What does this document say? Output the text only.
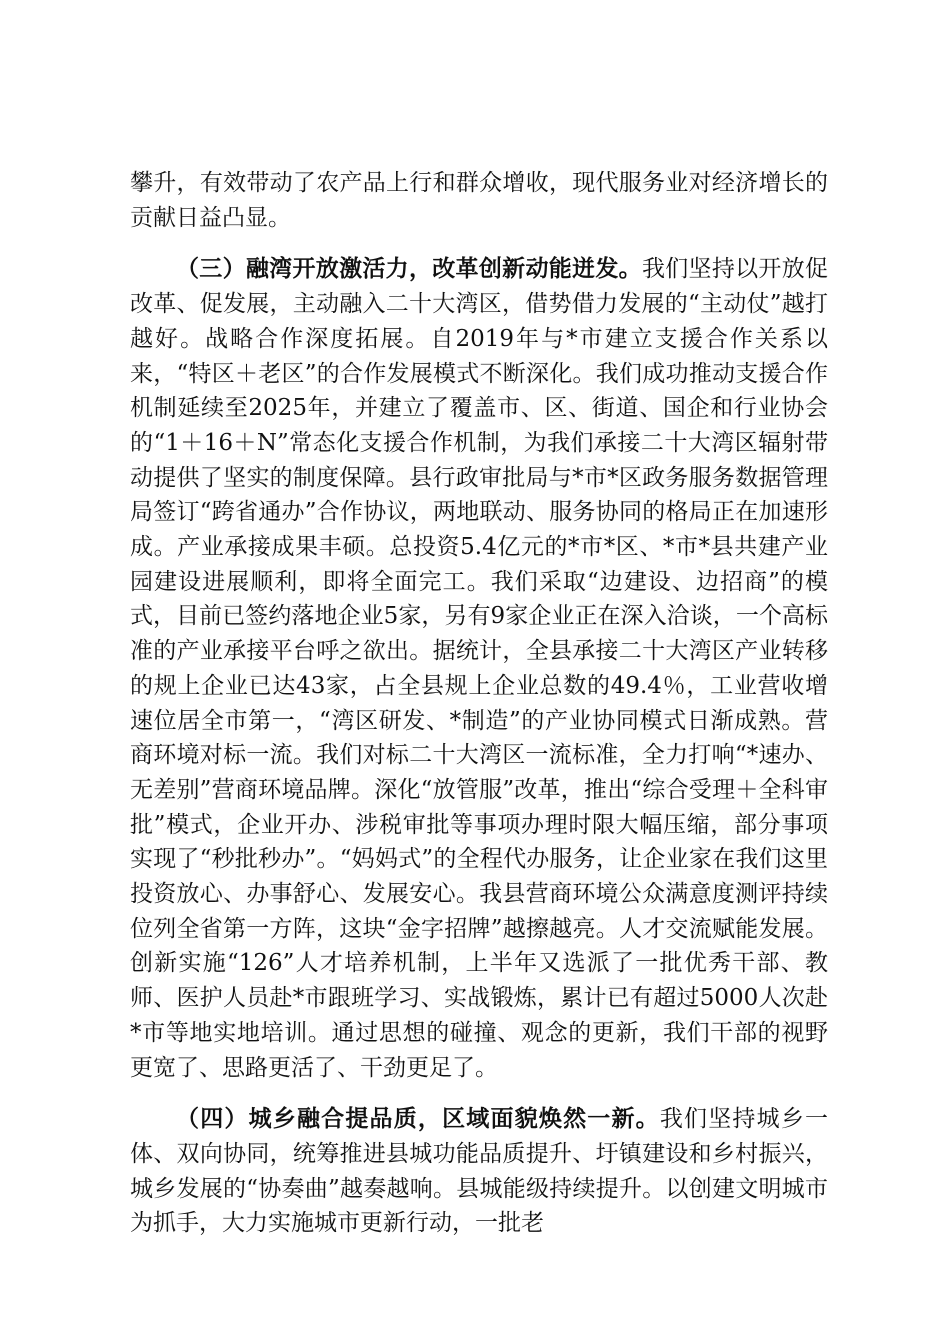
攀升，有效带动了农产品上行和群众增收，现代服务业对经济增长的贡献日益凸显。

（三）融湾开放激活力，改革创新动能迸发。我们坚持以开放促改革、促发展，主动融入二十大湾区，借势借力发展的“主动仗”越打越好。战略合作深度拓展。自2019年与*市建立支援合作关系以来，“特区＋老区”的合作发展模式不断深化。我们成功推动支援合作机制延续至2025年，并建立了覆盖市、区、街道、国企和行业协会的“1＋16＋N”常态化支援合作机制，为我们承接二十大湾区辐射带动提供了坚实的制度保障。县行政审批局与*市*区政务服务数据管理局签订“跨省通办”合作协议，两地联动、服务协同的格局正在加速形成。产业承接成果丰硕。总投资5.4亿元的*市*区、*市*县共建产业园建设进展顺利，即将全面完工。我们采取“边建设、边招商”的模式，目前已签约落地企业5家，另有9家企业正在深入洽谈，一个高标准的产业承接平台呼之欲出。据统计，全县承接二十大湾区产业转移的规上企业已达43家，占全县规上企业总数的49.4％，工业营收增速位居全市第一，“湾区研发、*制造”的产业协同模式日渐成熟。营商环境对标一流。我们对标二十大湾区一流标准，全力打响“*速办、无差别”营商环境品牌。深化“放管服”改革，推出“综合受理＋全科审批”模式，企业开办、涉税审批等事项办理时限大幅压缩，部分事项实现了“秒批秒办”。“妈妈式”的全程代办服务，让企业家在我们这里投资放心、办事舒心、发展安心。我县营商环境公众满意度测评持续位列全省第一方阵，这块“金字招牌”越擦越亮。人才交流赋能发展。创新实施“126”人才培养机制，上半年又选派了一批优秀干部、教师、医护人员赴*市跟班学习、实战锻炼，累计已有超过5000人次赴*市等地实地培训。通过思想的碰撞、观念的更新，我们干部的视野更宽了、思路更活了、干劲更足了。

（四）城乡融合提品质，区域面貌焕然一新。我们坚持城乡一体、双向协同，统筹推进县城功能品质提升、圩镇建设和乡村振兴，城乡发展的“协奏曲”越奏越响。县城能级持续提升。以创建文明城市为抓手，大力实施城市更新行动，一批老
